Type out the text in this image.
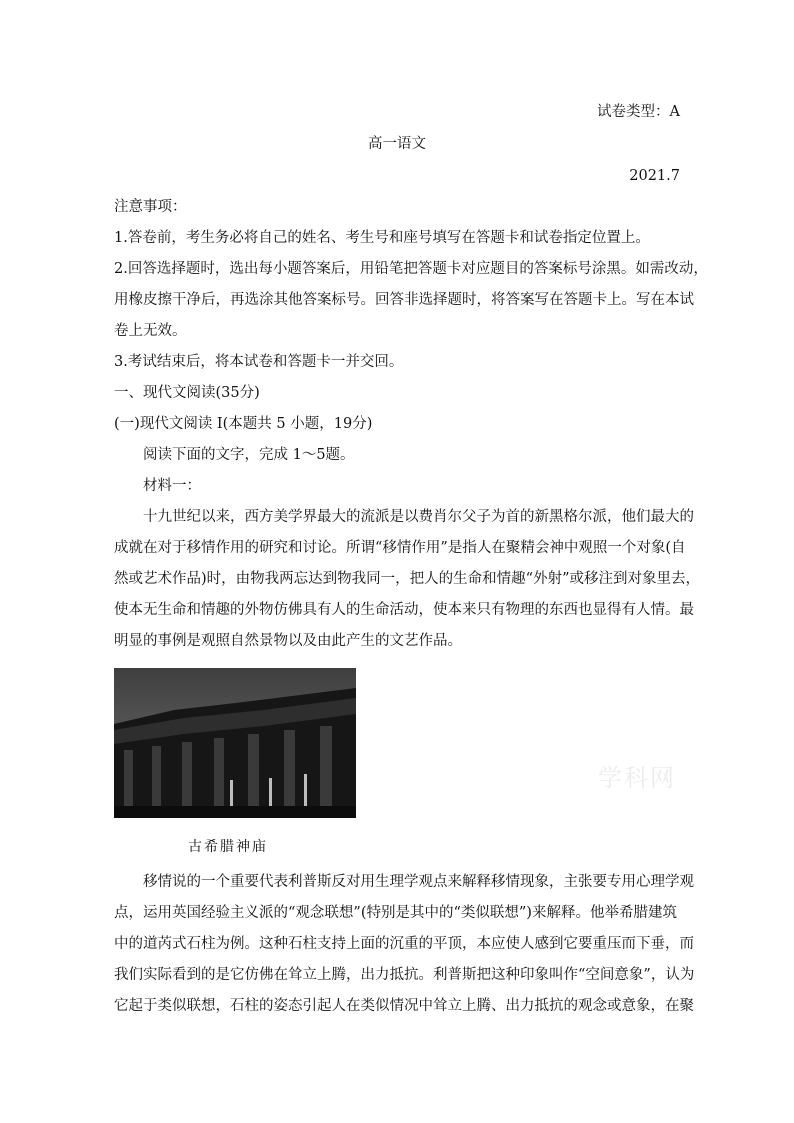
试卷类型：A
高一语文
2021.7
注意事项：
1.答卷前，考生务必将自己的姓名、考生号和座号填写在答题卡和试卷指定位置上。
2.回答选择题时，选出每小题答案后，用铅笔把答题卡对应题目的答案标号涂黑。如需改动，
用橡皮擦干净后，再选涂其他答案标号。回答非选择题时，将答案写在答题卡上。写在本试
卷上无效。
3.考试结束后，将本试卷和答题卡一并交回。
一、现代文阅读(35分)
(一)现代文阅读 I(本题共 5 小题，19分)
阅读下面的文字，完成 1～5题。
材料一：
十九世纪以来，西方美学界最大的流派是以费肖尔父子为首的新黑格尔派，他们最大的
成就在对于移情作用的研究和讨论。所谓“移情作用”是指人在聚精会神中观照一个对象(自
然或艺术作品)时，由物我两忘达到物我同一，把人的生命和情趣“外射”或移注到对象里去，
使本无生命和情趣的外物仿佛具有人的生命活动，使本来只有物理的东西也显得有人情。最
明显的事例是观照自然景物以及由此产生的文艺作品。
学科网
古希腊神庙
移情说的一个重要代表利普斯反对用生理学观点来解释移情现象，主张要专用心理学观
点，运用英国经验主义派的“观念联想”(特别是其中的“类似联想”)来解释。他举希腊建筑
中的道芮式石柱为例。这种石柱支持上面的沉重的平顶，本应使人感到它要重压而下垂，而
我们实际看到的是它仿佛在耸立上腾，出力抵抗。利普斯把这种印象叫作“空间意象”，认为
它起于类似联想，石柱的姿态引起人在类似情况中耸立上腾、出力抵抗的观念或意象，在聚
